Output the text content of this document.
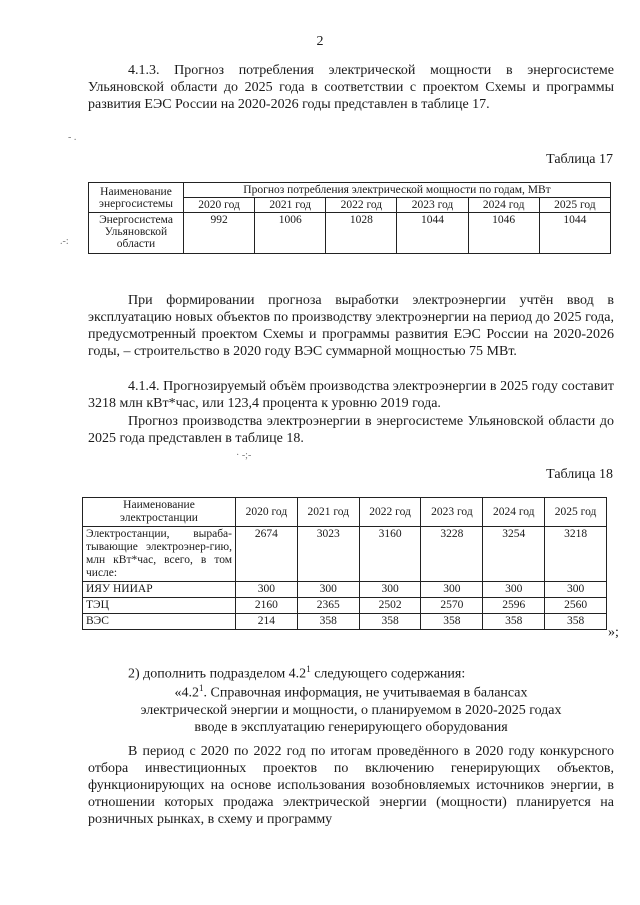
2

4.1.3. Прогноз потребления электрической мощности в энергосистеме Ульяновской области до 2025 года в соответствии с проектом Схемы и программы развития ЕЭС России на 2020-2026 годы представлен в таблице 17.

Таблица 17
Наименование энергосистемы	Прогноз потребления электрической мощности по годам, МВт					
	2020 год	2021 год	2022 год	2023 год	2024 год	2025 год
Энергосистема Ульяновской области	992	1006	1028	1044	1046	1044

При формировании прогноза выработки электроэнергии учтён ввод в эксплуатацию новых объектов по производству электроэнергии на период до 2025 года, предусмотренный проектом Схемы и программы развития ЕЭС России на 2020-2026 годы, – строительство в 2020 году ВЭС суммарной мощностью 75 МВт.

4.1.4. Прогнозируемый объём производства электроэнергии в 2025 году составит 3218 млн кВт*час, или 123,4 процента к уровню 2019 года.

Прогноз производства электроэнергии в энергосистеме Ульяновской области до 2025 года представлен в таблице 18.

Таблица 18
Наименование электростанции	2020 год	2021 год	2022 год	2023 год	2024 год	2025 год
Электростанции, выраба-тывающие электроэнер-гию, млн кВт*час, всего, в том числе:	2674	3023	3160	3228	3254	3218
ИЯУ НИИАР	300	300	300	300	300	300
ТЭЦ	2160	2365	2502	2570	2596	2560
ВЭС	214	358	358	358	358	358
»;
2) дополнить подразделом $4.2^1$ следующего содержания:
«$4.2^1$. Справочная информация, не учитываемая в балансах
электрической энергии и мощности, о планируемом в 2020-2025 годах
вводе в эксплуатацию генерирующего оборудования

В период с 2020 по 2022 год по итогам проведённого в 2020 году конкурсного отбора инвестиционных проектов по включению генерирующих объектов, функционирующих на основе использования возобновляемых источников энергии, в отношении которых продажа электрической энергии (мощности) планируется на розничных рынках, в схему и программу

- .
.-:
· -;-
